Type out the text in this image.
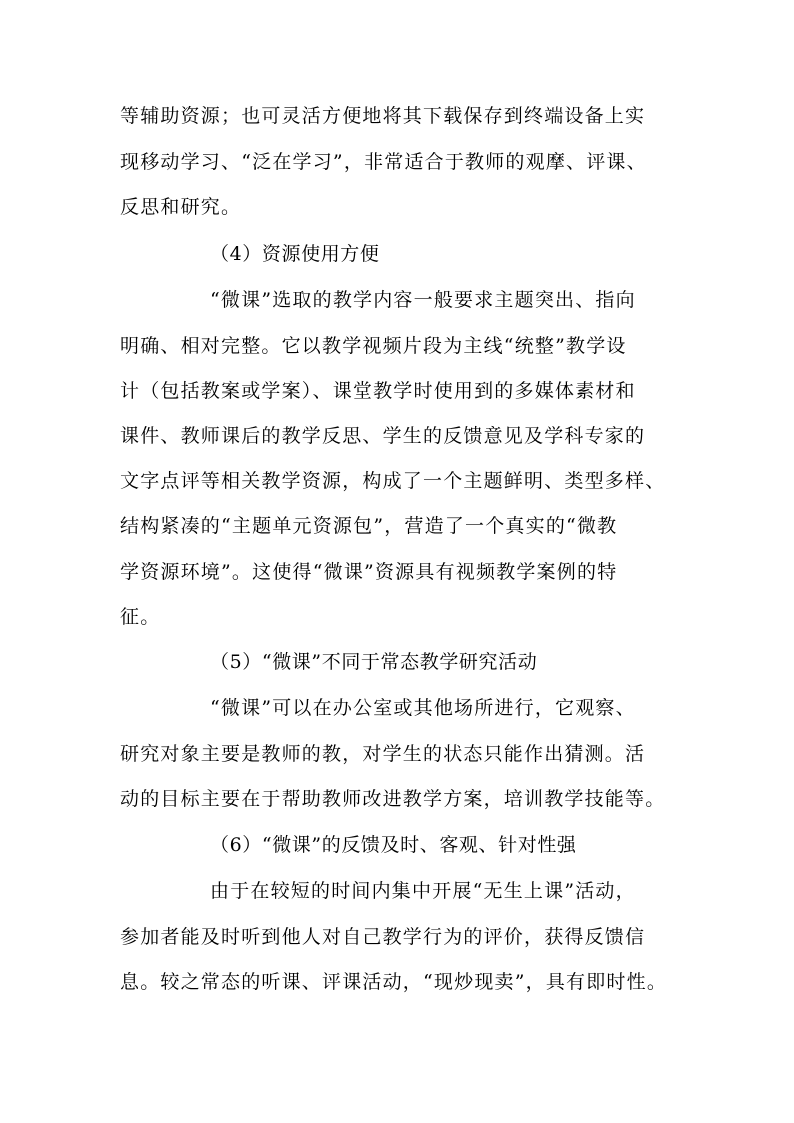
等辅助资源；也可灵活方便地将其下载保存到终端设备上实
现移动学习、“泛在学习”，非常适合于教师的观摩、评课、
反思和研究。
（4）资源使用方便
“微课”选取的教学内容一般要求主题突出、指向
明确、相对完整。它以教学视频片段为主线“统整”教学设
计（包括教案或学案）、课堂教学时使用到的多媒体素材和
课件、教师课后的教学反思、学生的反馈意见及学科专家的
文字点评等相关教学资源，构成了一个主题鲜明、类型多样、
结构紧凑的“主题单元资源包”，营造了一个真实的“微教
学资源环境”。这使得“微课”资源具有视频教学案例的特
征。
（5）“微课”不同于常态教学研究活动
“微课”可以在办公室或其他场所进行，它观察、
研究对象主要是教师的教，对学生的状态只能作出猜测。活
动的目标主要在于帮助教师改进教学方案，培训教学技能等。
（6）“微课”的反馈及时、客观、针对性强
由于在较短的时间内集中开展“无生上课”活动，
参加者能及时听到他人对自己教学行为的评价，获得反馈信
息。较之常态的听课、评课活动，“现炒现卖”，具有即时性。
